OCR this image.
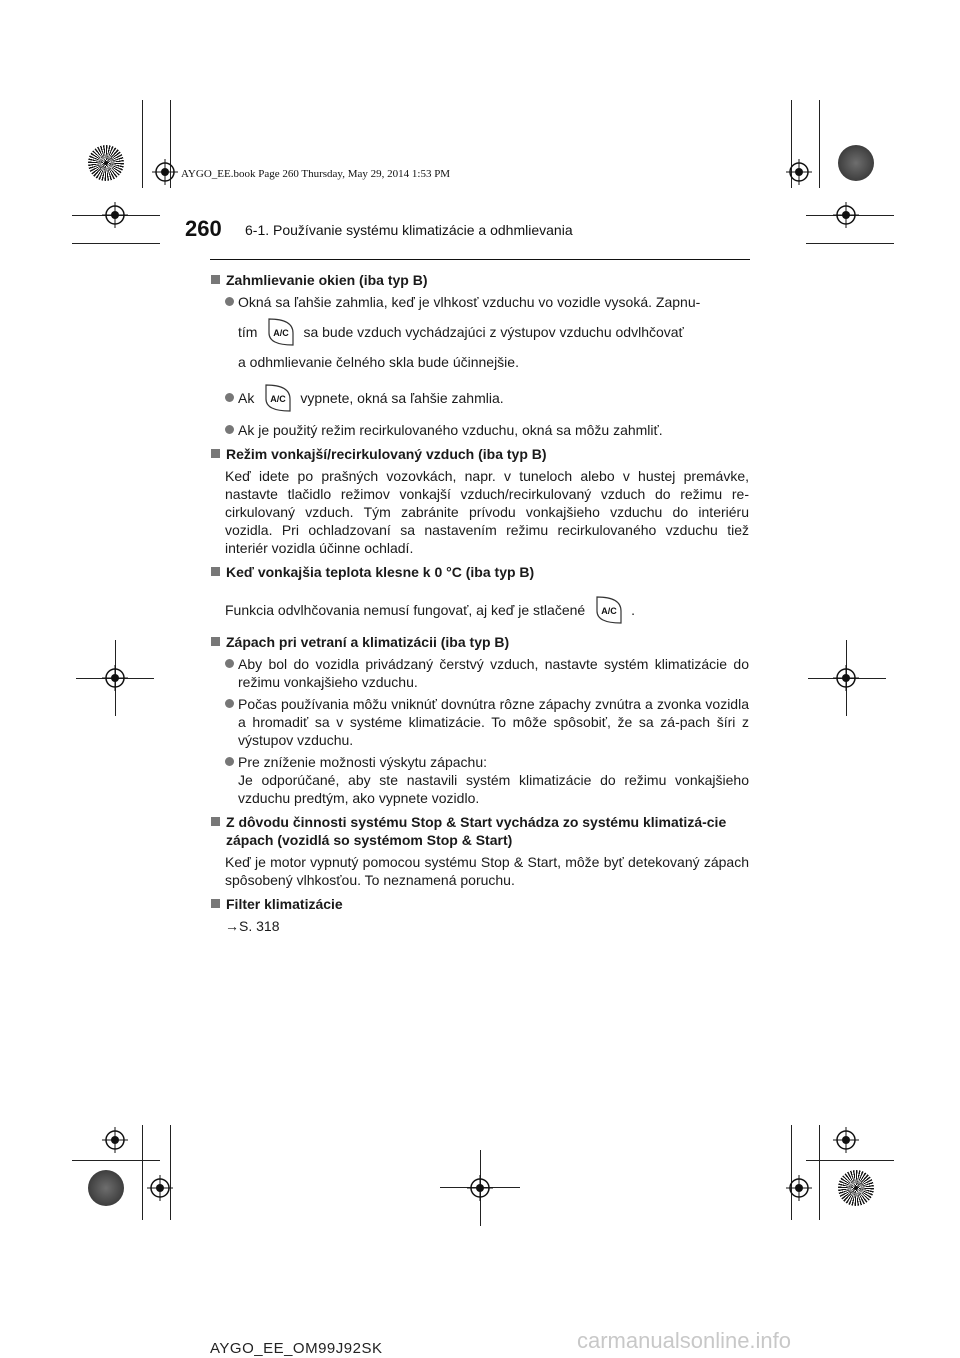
AYGO_EE.book Page 260 Thursday, May 29, 2014 1:53 PM
260 6-1. Používanie systému klimatizácie a odhmlievania
Zahmlievanie okien (iba typ B)
Okná sa ľahšie zahmlia, keď je vlhkosť vzduchu vo vozidle vysoká. Zapnu-
tím A/C sa bude vzduch vychádzajúci z výstupov vzduchu odvlhčovať
a odhmlievanie čelného skla bude účinnejšie.
Ak A/C vypnete, okná sa ľahšie zahmlia.
Ak je použitý režim recirkulovaného vzduchu, okná sa môžu zahmliť.
Režim vonkajší/recirkulovaný vzduch (iba typ B)
Keď idete po prašných vozovkách, napr. v tuneloch alebo v hustej premávke, nastavte tlačidlo režimov vonkajší vzduch/recirkulovaný vzduch do režimu re-cirkulovaný vzduch. Tým zabránite prívodu vonkajšieho vzduchu do interiéru vozidla. Pri ochladzovaní sa nastavením režimu recirkulovaného vzduchu tiež interiér vozidla účinne ochladí.
Keď vonkajšia teplota klesne k 0 °C (iba typ B)
Funkcia odvlhčovania nemusí fungovať, aj keď je stlačené A/C .
Zápach pri vetraní a klimatizácii (iba typ B)
Aby bol do vozidla privádzaný čerstvý vzduch, nastavte systém klimatizácie do režimu vonkajšieho vzduchu.
Počas používania môžu vniknúť dovnútra rôzne zápachy zvnútra a zvonka vozidla a hromadiť sa v systéme klimatizácie. To môže spôsobiť, že sa zá-pach šíri z výstupov vzduchu.
Pre zníženie možnosti výskytu zápachu:
Je odporúčané, aby ste nastavili systém klimatizácie do režimu vonkajšieho vzduchu predtým, ako vypnete vozidlo.
Z dôvodu činnosti systému Stop & Start vychádza zo systému klimatizá-cie zápach (vozidlá so systémom Stop & Start)
Keď je motor vypnutý pomocou systému Stop & Start, môže byť detekovaný zápach spôsobený vlhkosťou. To neznamená poruchu.
Filter klimatizácie
→S. 318
AYGO_EE_OM99J92SK	carmanualsonline.info
